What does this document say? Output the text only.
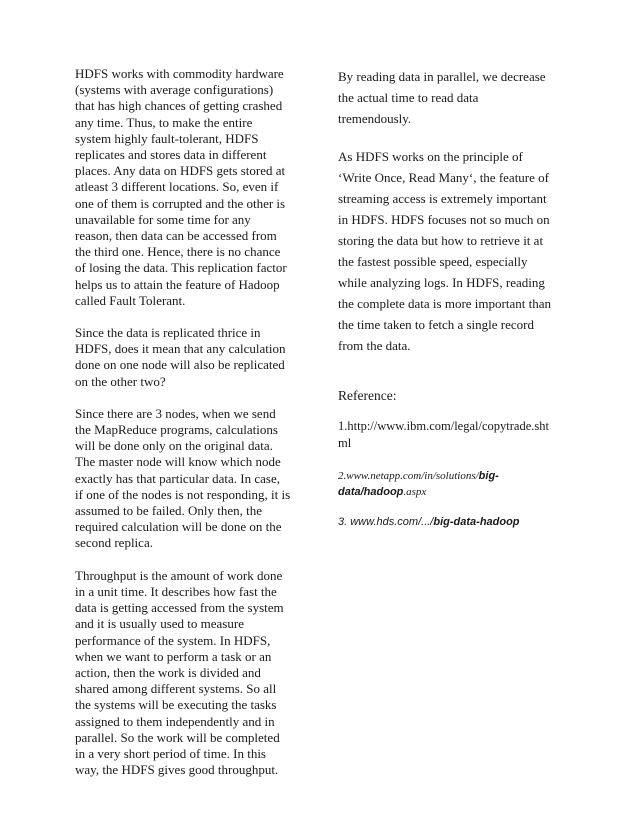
HDFS works with commodity hardware
(systems with average configurations)
that has high chances of getting crashed
any time. Thus, to make the entire
system highly fault-tolerant, HDFS
replicates and stores data in different
places. Any data on HDFS gets stored at
atleast 3 different locations. So, even if
one of them is corrupted and the other is
unavailable for some time for any
reason, then data can be accessed from
the third one. Hence, there is no chance
of losing the data. This replication factor
helps us to attain the feature of Hadoop
called Fault Tolerant.

Since the data is replicated thrice in
HDFS, does it mean that any calculation
done on one node will also be replicated
on the other two?

Since there are 3 nodes, when we send
the MapReduce programs, calculations
will be done only on the original data.
The master node will know which node
exactly has that particular data. In case,
if one of the nodes is not responding, it is
assumed to be failed. Only then, the
required calculation will be done on the
second replica.

Throughput is the amount of work done
in a unit time. It describes how fast the
data is getting accessed from the system
and it is usually used to measure
performance of the system. In HDFS,
when we want to perform a task or an
action, then the work is divided and
shared among different systems. So all
the systems will be executing the tasks
assigned to them independently and in
parallel. So the work will be completed
in a very short period of time. In this
way, the HDFS gives good throughput.

By reading data in parallel, we decrease
the actual time to read data
tremendously.

As HDFS works on the principle of
‘Write Once, Read Many‘, the feature of
streaming access is extremely important
in HDFS. HDFS focuses not so much on
storing the data but how to retrieve it at
the fastest possible speed, especially
while analyzing logs. In HDFS, reading
the complete data is more important than
the time taken to fetch a single record
from the data.

Reference:

1.http://www.ibm.com/legal/copytrade.sht
ml

2.www.netapp.com/in/solutions/big-
data/hadoop.aspx

3. www.hds.com/.../big-data-hadoop
